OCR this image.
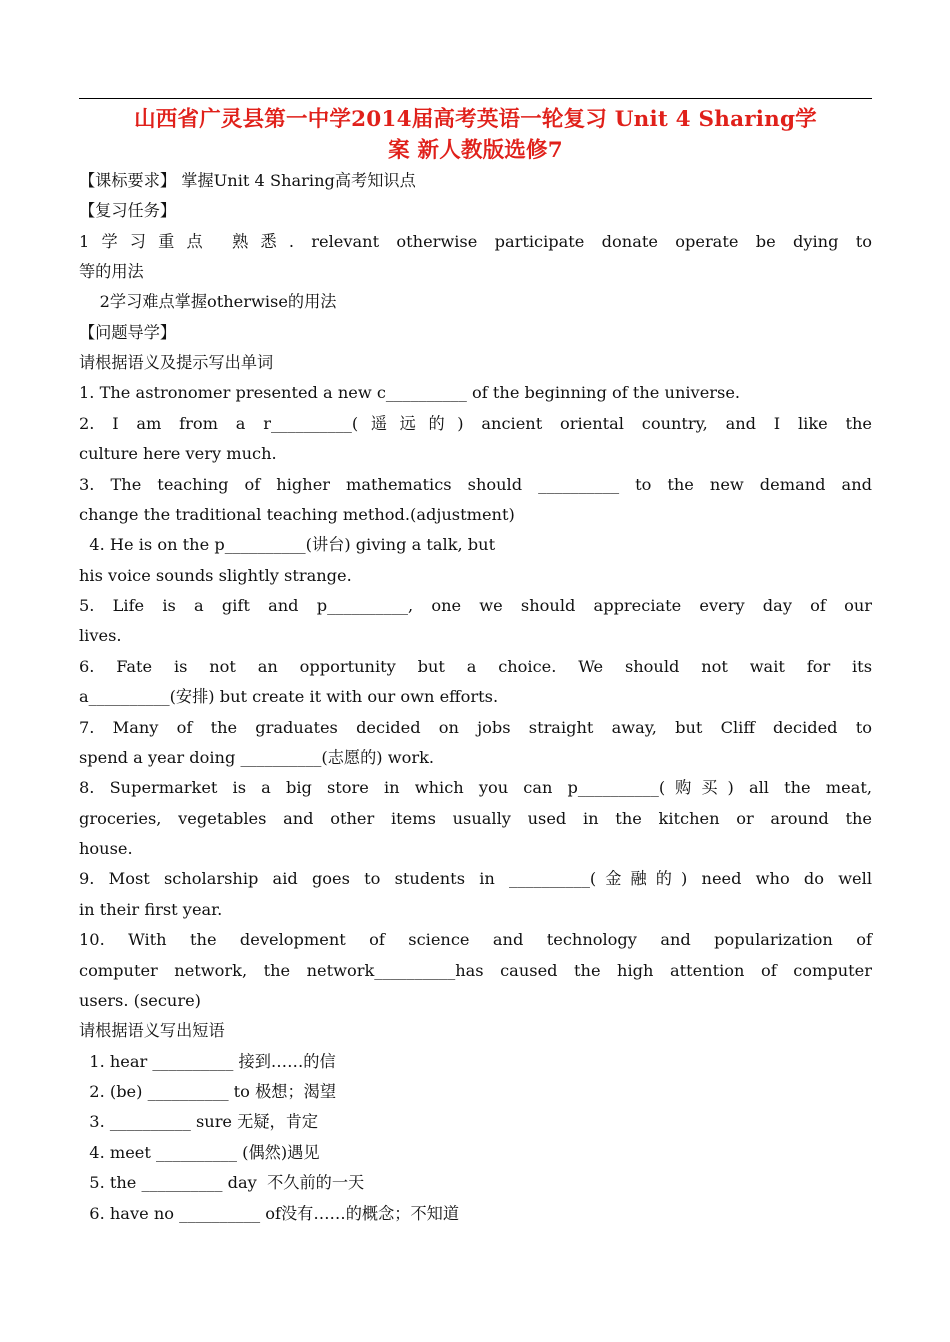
山西省广灵县第一中学2014届高考英语一轮复习 Unit 4 Sharing学
案 新人教版选修7
【课标要求】 掌握Unit 4 Sharing高考知识点
【复习任务】
1学习重点 熟悉. relevant otherwise participate donate operate be dying to
等的用法
2学习难点掌握otherwise的用法
【问题导学】
请根据语义及提示写出单词
1. The astronomer presented a new c__________ of the beginning of the universe.
2. I am from a r__________(遥远的) ancient oriental country, and I like the
culture here very much.
3. The teaching of higher mathematics should __________ to the new demand and
change the traditional teaching method.(adjustment)
4. He is on the p__________(讲台) giving a talk, but
his voice sounds slightly strange.
5. Life is a gift and p__________, one we should appreciate every day of our
lives.
6. Fate is not an opportunity but a choice. We should not wait for its
a__________(安排) but create it with our own efforts.
7. Many of the graduates decided on jobs straight away, but Cliff decided to
spend a year doing __________(志愿的) work.
8. Supermarket is a big store in which you can p__________(购买) all the meat,
groceries, vegetables and other items usually used in the kitchen or around the
house.
9. Most scholarship aid goes to students in __________(金融的) need who do well
in their first year.
10. With the development of science and technology and popularization of
computer network, the network__________has caused the high attention of computer
users. (secure)
请根据语义写出短语
1. hear __________ 接到……的信
2. (be) __________ to 极想；渴望
3. __________ sure 无疑，肯定
4. meet __________ (偶然)遇见
5. the __________ day  不久前的一天
6. have no __________ of没有……的概念；不知道
